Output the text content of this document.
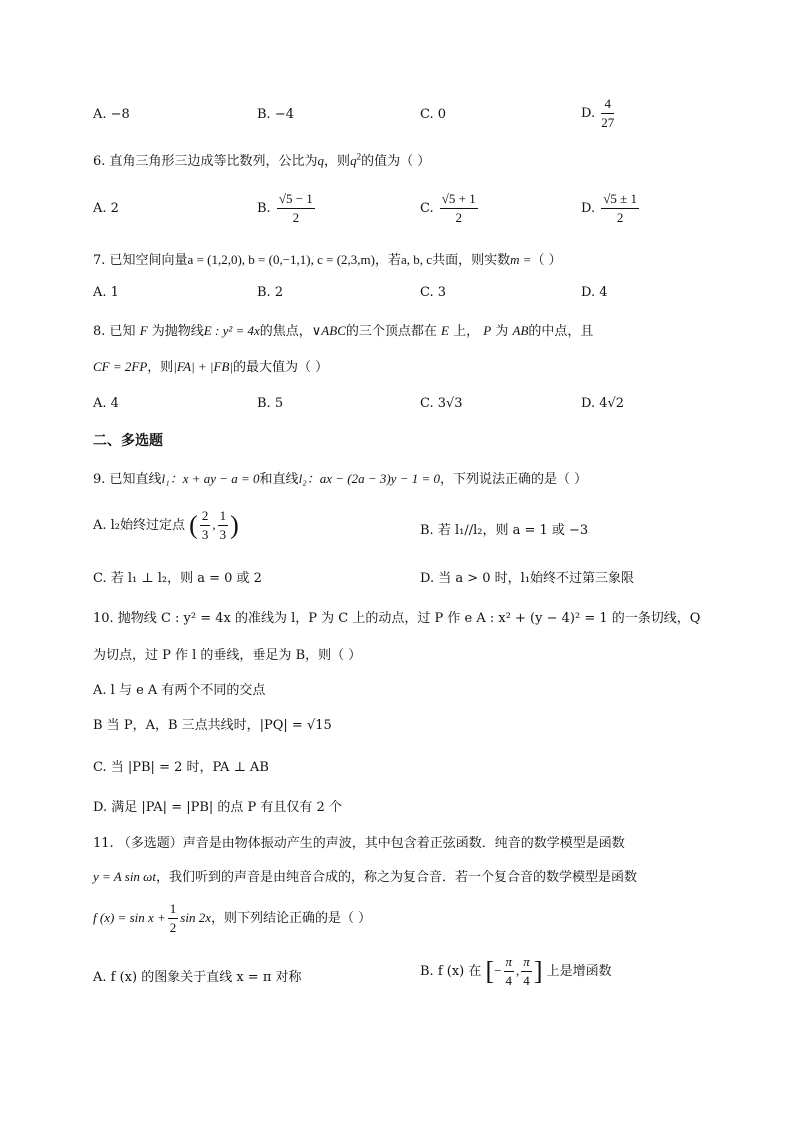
A. −8	B. −4	C. 0	D. $\frac{4}{27}$
6. 直角三角形三边成等比数列，公比为q，则$q^2$的值为（ ）
A. 2	B. $\frac{√5 - 1}{2}$	C. $\frac{√5 + 1}{2}$	D. $\frac{√5 \pm 1}{2}$
7. 已知空间向量a = (1,2,0), b = (0,−1,1), c = (2,3,m)，若a, b, c共面，则实数m =（ ）
A. 1	B. 2	C. 3	D. 4
8. 已知 F 为抛物线E : y² = 4x的焦点，∨ABC的三个顶点都在 E 上， P 为 AB的中点，且
CF = 2FP，则|FA| + |FB|的最大值为（ ）
A. 4	B. 5	C. 3√3	D. 4√2
二、多选题
9. 已知直线l₁：x + ay − a = 0和直线l₂：ax − (2a − 3)y − 1 = 0，下列说法正确的是（ ）
A. l₂始终过定点 ( $\frac{2}{3}$ , $\frac{1}{3}$ )	B. 若 l₁//l₂，则 a = 1 或 −3
C. 若 l₁ ⊥ l₂，则 a = 0 或 2	D. 当 a > 0 时，l₁始终不过第三象限
10. 抛物线 C : y² = 4x 的准线为 l，P 为 C 上的动点，过 P 作 e A : x² + (y − 4)² = 1 的一条切线，Q
为切点，过 P 作 l 的垂线，垂足为 B，则（ ）
A. l 与 e A 有两个不同的交点
B 当 P，A，B 三点共线时，|PQ| = √15
C. 当 |PB| = 2 时，PA ⊥ AB
D. 满足 |PA| = |PB| 的点 P 有且仅有 2 个
11. （多选题）声音是由物体振动产生的声波，其中包含着正弦函数．纯音的数学模型是函数
y = A sin ωt，我们听到的声音是由纯音合成的，称之为复合音．若一个复合音的数学模型是函数
f $(x) = \sin x + \frac{1}{2}$ sin 2x，则下列结论正确的是（ ）
A. f (x) 的图象关于直线 x = π 对称	B. f (x) 在 [− $\frac{\pi}{4}$ , $\frac{\pi}{4}$ ] 上是增函数
